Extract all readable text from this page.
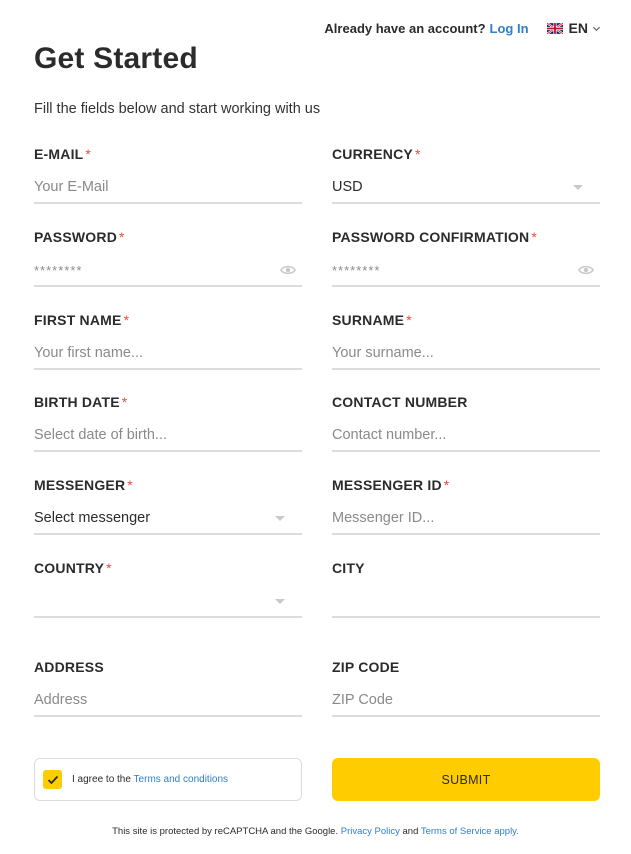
Already have an account? Log In	EN
Get Started

Fill the fields below and start working with us

E-MAIL *
Your E-Mail
CURRENCY *
USD
PASSWORD *
********
PASSWORD CONFIRMATION *
********
FIRST NAME *
Your first name...
SURNAME *
Your surname...
BIRTH DATE *
Select date of birth...
CONTACT NUMBER
Contact number...
MESSENGER *
Select messenger
MESSENGER ID *
Messenger ID...
COUNTRY *	CITY
ADDRESS
Address
ZIP CODE
ZIP Code
I agree to the Terms and conditions	SUBMIT
This site is protected by reCAPTCHA and the Google. Privacy Policy and Terms of Service apply.
